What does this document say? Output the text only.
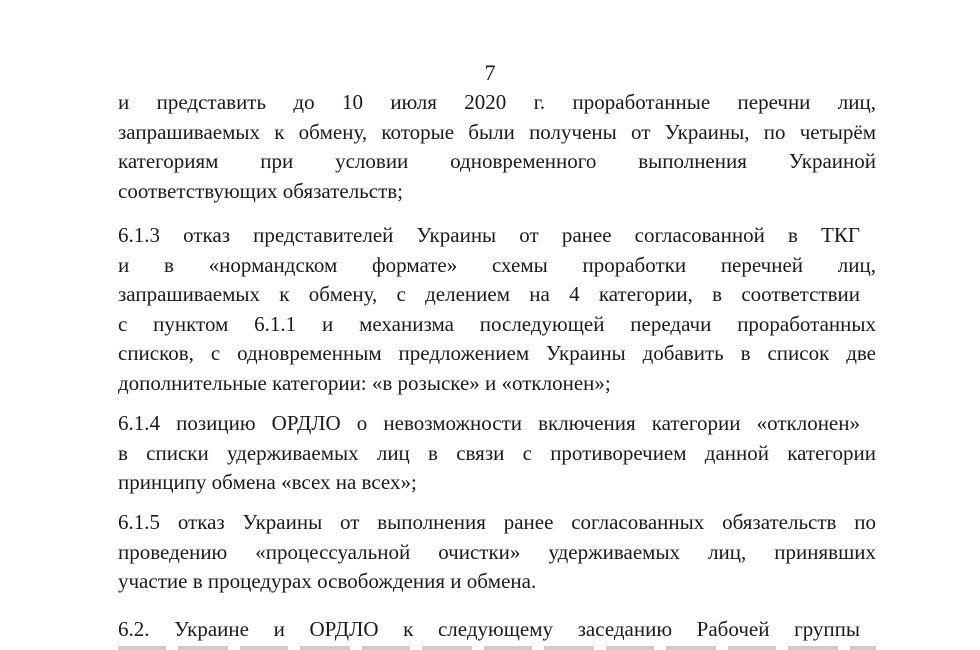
7
и представить до 10 июля 2020 г. проработанные перечни лиц,
запрашиваемых к обмену, которые были получены от Украины, по четырём
категориям при условии одновременного выполнения Украиной
соответствующих обязательств;
6.1.3 отказ представителей Украины от ранее согласованной в ТКГ
и в «нормандском формате» схемы проработки перечней лиц,
запрашиваемых к обмену, с делением на 4 категории, в соответствии
с пунктом 6.1.1 и механизма последующей передачи проработанных
списков, с одновременным предложением Украины добавить в список две
дополнительные категории: «в розыске» и «отклонен»;
6.1.4 позицию ОРДЛО о невозможности включения категории «отклонен»
в списки удерживаемых лиц в связи с противоречием данной категории
принципу обмена «всех на всех»;
6.1.5 отказ Украины от выполнения ранее согласованных обязательств по
проведению «процессуальной очистки» удерживаемых лиц, принявших
участие в процедурах освобождения и обмена.
6.2. Украине и ОРДЛО к следующему заседанию Рабочей группы
